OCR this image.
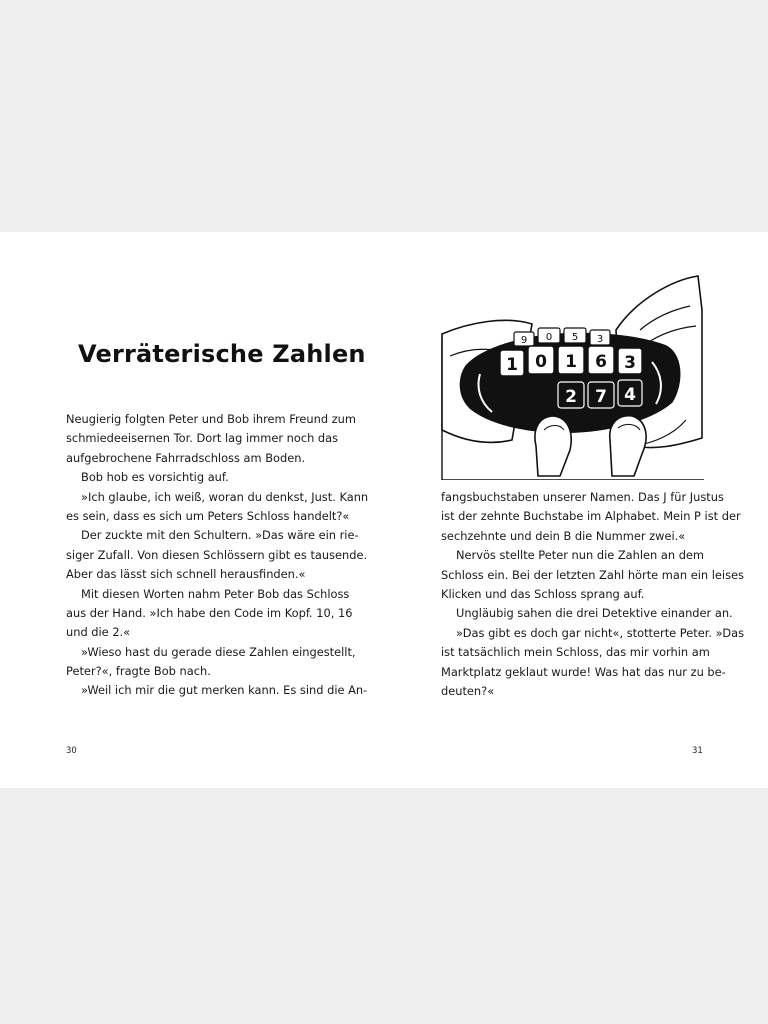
Verräterische Zahlen
Neugierig folgten Peter und Bob ihrem Freund zum
schmiedeeisernen Tor. Dort lag immer noch das
aufgebrochene Fahrradschloss am Boden.
Bob hob es vorsichtig auf.
»Ich glaube, ich weiß, woran du denkst, Just. Kann
es sein, dass es sich um Peters Schloss handelt?«
Der zuckte mit den Schultern. »Das wäre ein rie-
siger Zufall. Von diesen Schlössern gibt es tausende.
Aber das lässt sich schnell herausfinden.«
Mit diesen Worten nahm Peter Bob das Schloss
aus der Hand. »Ich habe den Code im Kopf. 10, 16
und die 2.«
»Wieso hast du gerade diese Zahlen eingestellt,
Peter?«, fragte Bob nach.
»Weil ich mir die gut merken kann. Es sind die An-
30
9 0 5 3
1 0 1 6 3
2 7 4
fangsbuchstaben unserer Namen. Das J für Justus
ist der zehnte Buchstabe im Alphabet. Mein P ist der
sechzehnte und dein B die Nummer zwei.«
Nervös stellte Peter nun die Zahlen an dem
Schloss ein. Bei der letzten Zahl hörte man ein leises
Klicken und das Schloss sprang auf.
Ungläubig sahen die drei Detektive einander an.
»Das gibt es doch gar nicht«, stotterte Peter. »Das
ist tatsächlich mein Schloss, das mir vorhin am
Marktplatz geklaut wurde! Was hat das nur zu be-
deuten?«
31
